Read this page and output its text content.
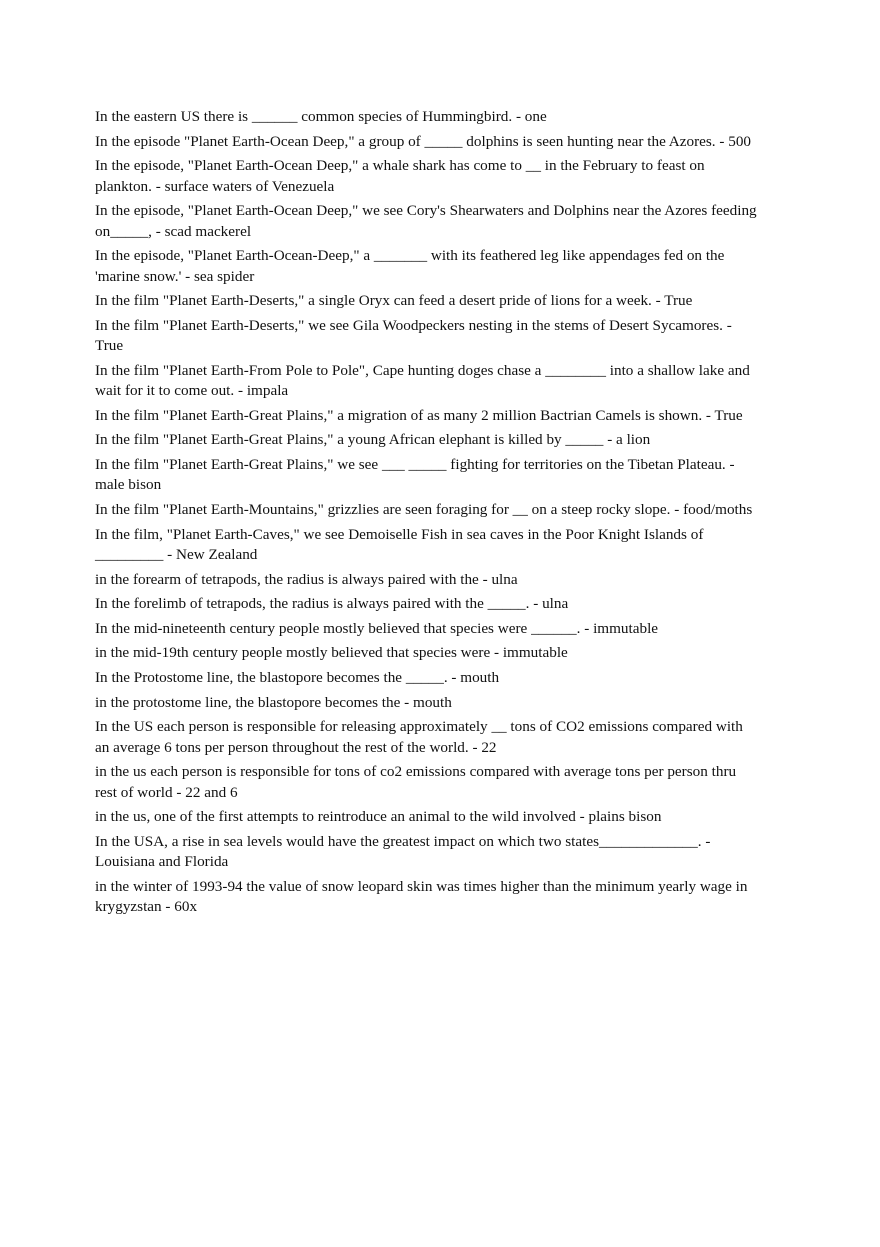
In the eastern US there is ______ common species of Hummingbird. - one

In the episode "Planet Earth-Ocean Deep," a group of _____ dolphins is seen hunting near the Azores. - 500

In the episode, "Planet Earth-Ocean Deep," a whale shark has come to __ in the February to feast on plankton. - surface waters of Venezuela

In the episode, "Planet Earth-Ocean Deep," we see Cory's Shearwaters and Dolphins near the Azores feeding on_____, - scad mackerel

In the episode, "Planet Earth-Ocean-Deep," a _______ with its feathered leg like appendages fed on the 'marine snow.' - sea spider

In the film "Planet Earth-Deserts," a single Oryx can feed a desert pride of lions for a week. - True

In the film "Planet Earth-Deserts," we see Gila Woodpeckers nesting in the stems of Desert Sycamores. - True

In the film "Planet Earth-From Pole to Pole", Cape hunting doges chase a ________ into a shallow lake and wait for it to come out. - impala

In the film "Planet Earth-Great Plains," a migration of as many 2 million Bactrian Camels is shown. - True

In the film "Planet Earth-Great Plains," a young African elephant is killed by _____ - a lion

In the film "Planet Earth-Great Plains," we see ___ _____ fighting for territories on the Tibetan Plateau. - male bison

In the film "Planet Earth-Mountains," grizzlies are seen foraging for __ on a steep rocky slope. - food/moths

In the film, "Planet Earth-Caves," we see Demoiselle Fish in sea caves in the Poor Knight Islands of _________ - New Zealand

in the forearm of tetrapods, the radius is always paired with the - ulna

In the forelimb of tetrapods, the radius is always paired with the _____. - ulna

In the mid-nineteenth century people mostly believed that species were ______. - immutable

in the mid-19th century people mostly believed that species were - immutable

In the Protostome line, the blastopore becomes the _____. - mouth

in the protostome line, the blastopore becomes the - mouth

In the US each person is responsible for releasing approximately __ tons of CO2 emissions compared with an average 6 tons per person throughout the rest of the world. - 22

in the us each person is responsible for tons of co2 emissions compared with average tons per person thru rest of world - 22 and 6

in the us, one of the first attempts to reintroduce an animal to the wild involved - plains bison

In the USA, a rise in sea levels would have the greatest impact on which two states_____________. - Louisiana and Florida

in the winter of 1993-94 the value of snow leopard skin was times higher than the minimum yearly wage in krygyzstan - 60x
